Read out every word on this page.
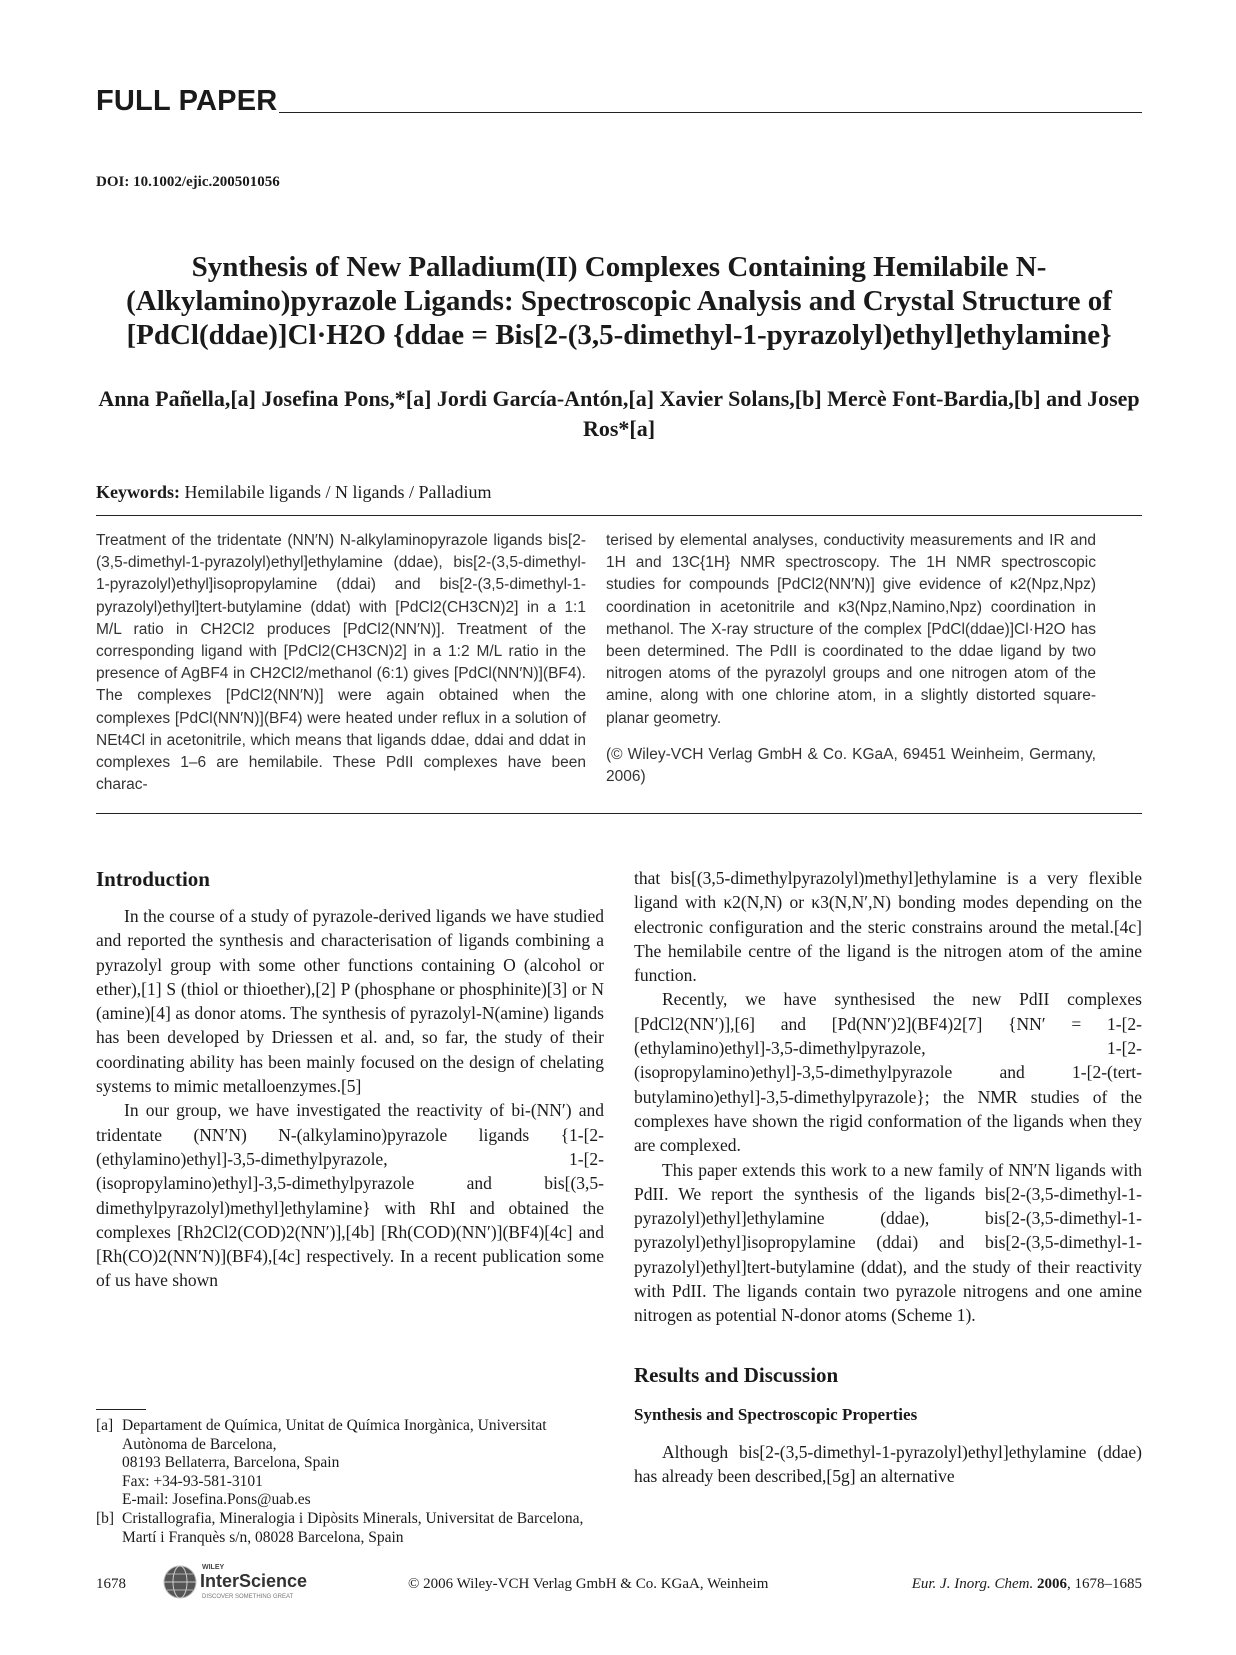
FULL PAPER
DOI: 10.1002/ejic.200501056
Synthesis of New Palladium(II) Complexes Containing Hemilabile N-(Alkylamino)pyrazole Ligands: Spectroscopic Analysis and Crystal Structure of [PdCl(ddae)]Cl·H2O {ddae = Bis[2-(3,5-dimethyl-1-pyrazolyl)ethyl]ethylamine}
Anna Pañella,[a] Josefina Pons,*[a] Jordi García-Antón,[a] Xavier Solans,[b] Mercè Font-Bardia,[b] and Josep Ros*[a]
Keywords: Hemilabile ligands / N ligands / Palladium

Treatment of the tridentate (NN′N) N-alkylaminopyrazole ligands bis[2-(3,5-dimethyl-1-pyrazolyl)ethyl]ethylamine (ddae), bis[2-(3,5-dimethyl-1-pyrazolyl)ethyl]isopropylamine (ddai) and bis[2-(3,5-dimethyl-1-pyrazolyl)ethyl]tert-butylamine (ddat) with [PdCl2(CH3CN)2] in a 1:1 M/L ratio in CH2Cl2 produces [PdCl2(NN′N)]. Treatment of the corresponding ligand with [PdCl2(CH3CN)2] in a 1:2 M/L ratio in the presence of AgBF4 in CH2Cl2/methanol (6:1) gives [PdCl(NN′N)](BF4). The complexes [PdCl2(NN′N)] were again obtained when the complexes [PdCl(NN′N)](BF4) were heated under reflux in a solution of NEt4Cl in acetonitrile, which means that ligands ddae, ddai and ddat in complexes 1–6 are hemilabile. These PdII complexes have been charac-

terised by elemental analyses, conductivity measurements and IR and 1H and 13C{1H} NMR spectroscopy. The 1H NMR spectroscopic studies for compounds [PdCl2(NN′N)] give evidence of κ2(Npz,Npz) coordination in acetonitrile and κ3(Npz,Namino,Npz) coordination in methanol. The X-ray structure of the complex [PdCl(ddae)]Cl·H2O has been determined. The PdII is coordinated to the ddae ligand by two nitrogen atoms of the pyrazolyl groups and one nitrogen atom of the amine, along with one chlorine atom, in a slightly distorted square-planar geometry.

(© Wiley-VCH Verlag GmbH & Co. KGaA, 69451 Weinheim, Germany, 2006)

Introduction

In the course of a study of pyrazole-derived ligands we have studied and reported the synthesis and characterisation of ligands combining a pyrazolyl group with some other functions containing O (alcohol or ether),[1] S (thiol or thioether),[2] P (phosphane or phosphinite)[3] or N (amine)[4] as donor atoms. The synthesis of pyrazolyl-N(amine) ligands has been developed by Driessen et al. and, so far, the study of their coordinating ability has been mainly focused on the design of chelating systems to mimic metalloenzymes.[5]

In our group, we have investigated the reactivity of bi-(NN′) and tridentate (NN′N) N-(alkylamino)pyrazole ligands {1-[2-(ethylamino)ethyl]-3,5-dimethylpyrazole, 1-[2-(isopropylamino)ethyl]-3,5-dimethylpyrazole and bis[(3,5-dimethylpyrazolyl)methyl]ethylamine} with RhI and obtained the complexes [Rh2Cl2(COD)2(NN′)],[4b] [Rh(COD)(NN′)](BF4)[4c] and [Rh(CO)2(NN′N)](BF4),[4c] respectively. In a recent publication some of us have shown

that bis[(3,5-dimethylpyrazolyl)methyl]ethylamine is a very flexible ligand with κ2(N,N) or κ3(N,N′,N) bonding modes depending on the electronic configuration and the steric constrains around the metal.[4c] The hemilabile centre of the ligand is the nitrogen atom of the amine function.

Recently, we have synthesised the new PdII complexes [PdCl2(NN′)],[6] and [Pd(NN′)2](BF4)2[7] {NN′ = 1-[2-(ethylamino)ethyl]-3,5-dimethylpyrazole, 1-[2-(isopropylamino)ethyl]-3,5-dimethylpyrazole and 1-[2-(tert-butylamino)ethyl]-3,5-dimethylpyrazole}; the NMR studies of the complexes have shown the rigid conformation of the ligands when they are complexed.

This paper extends this work to a new family of NN′N ligands with PdII. We report the synthesis of the ligands bis[2-(3,5-dimethyl-1-pyrazolyl)ethyl]ethylamine (ddae), bis[2-(3,5-dimethyl-1-pyrazolyl)ethyl]isopropylamine (ddai) and bis[2-(3,5-dimethyl-1-pyrazolyl)ethyl]tert-butylamine (ddat), and the study of their reactivity with PdII. The ligands contain two pyrazole nitrogens and one amine nitrogen as potential N-donor atoms (Scheme 1).

Results and Discussion
Synthesis and Spectroscopic Properties

Although bis[2-(3,5-dimethyl-1-pyrazolyl)ethyl]ethylamine (ddae) has already been described,[5g] an alternative

[a] Departament de Química, Unitat de Química Inorgànica, Universitat Autònoma de Barcelona,
08193 Bellaterra, Barcelona, Spain
Fax: +34-93-581-3101
E-mail: Josefina.Pons@uab.es
[b] Cristallografia, Mineralogia i Dipòsits Minerals, Universitat de Barcelona,
Martí i Franquès s/n, 08028 Barcelona, Spain
1678
WILEY
InterScience
DISCOVER SOMETHING GREAT
© 2006 Wiley-VCH Verlag GmbH & Co. KGaA, Weinheim	Eur. J. Inorg. Chem. 2006, 1678–1685
